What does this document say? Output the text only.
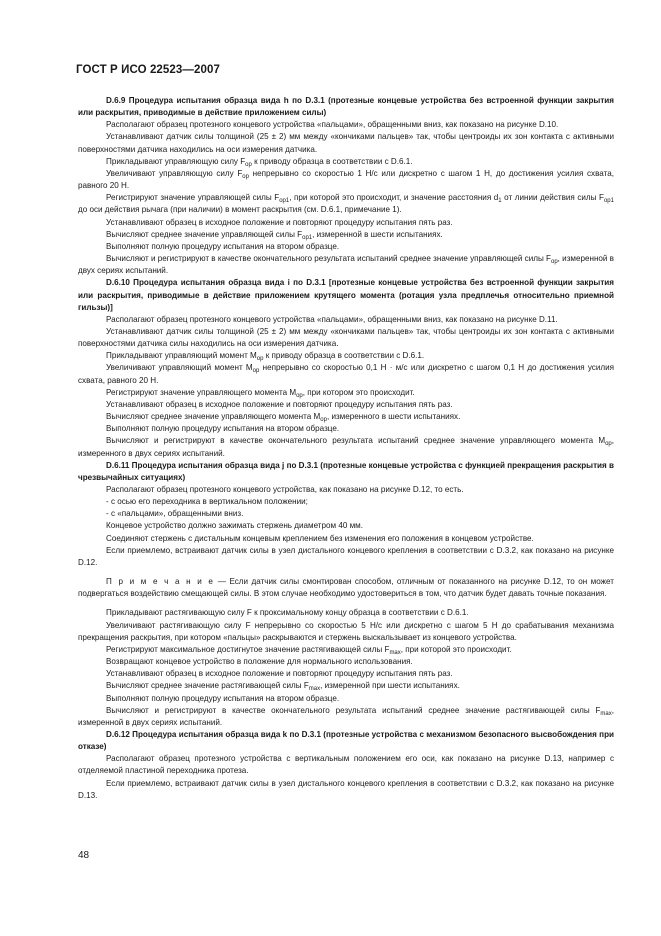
ГОСТ Р ИСО 22523—2007

D.6.9 Процедура испытания образца вида h по D.3.1 (протезные концевые устройства без встроенной функции закрытия или раскрытия, приводимые в действие приложением силы)

Располагают образец протезного концевого устройства «пальцами», обращенными вниз, как показано на рисунке D.10.

Устанавливают датчик силы толщиной (25 ± 2) мм между «кончиками пальцев» так, чтобы центроиды их зон контакта с активными поверхностями датчика находились на оси измерения датчика.

Прикладывают управляющую силу $F_{op}$ к приводу образца в соответствии с D.6.1.

Увеличивают управляющую силу $F_{op}$ непрерывно со скоростью 1 Н/с или дискретно с шагом 1 Н, до достижения усилия схвата, равного 20 Н.

Регистрируют значение управляющей силы $F_{op1}$, при которой это происходит, и значение расстояния $d_1$ от линии действия силы $F_{op1}$ до оси действия рычага (при наличии) в момент раскрытия (см. D.6.1, примечание 1).

Устанавливают образец в исходное положение и повторяют процедуру испытания пять раз.

Вычисляют среднее значение управляющей силы $F_{op1}$, измеренной в шести испытаниях.

Выполняют полную процедуру испытания на втором образце.

Вычисляют и регистрируют в качестве окончательного результата испытаний среднее значение управляющей силы $F_{op}$, измеренной в двух сериях испытаний.

D.6.10 Процедура испытания образца вида i по D.3.1 [протезные концевые устройства без встроенной функции закрытия или раскрытия, приводимые в действие приложением крутящего момента (ротация узла предплечья относительно приемной гильзы)]

Располагают образец протезного концевого устройства «пальцами», обращенными вниз, как показано на рисунке D.11.

Устанавливают датчик силы толщиной (25 ± 2) мм между «кончиками пальцев» так, чтобы центроиды их зон контакта с активными поверхностями датчика силы находились на оси измерения датчика.

Прикладывают управляющий момент $M_{op}$ к приводу образца в соответствии с D.6.1.

Увеличивают управляющий момент $M_{op}$ непрерывно со скоростью 0,1 Н · м/с или дискретно с шагом 0,1 Н до достижения усилия схвата, равного 20 Н.

Регистрируют значение управляющего момента $M_{op}$, при котором это происходит.

Устанавливают образец в исходное положение и повторяют процедуру испытания пять раз.

Вычисляют среднее значение управляющего момента $M_{op}$, измеренного в шести испытаниях.

Выполняют полную процедуру испытания на втором образце.

Вычисляют и регистрируют в качестве окончательного результата испытаний среднее значение управляющего момента $M_{op}$, измеренного в двух сериях испытаний.

D.6.11 Процедура испытания образца вида j по D.3.1 (протезные концевые устройства с функцией прекращения раскрытия в чрезвычайных ситуациях)

Располагают образец протезного концевого устройства, как показано на рисунке D.12, то есть.

- с осью его переходника в вертикальном положении;

- с «пальцами», обращенными вниз.

Концевое устройство должно зажимать стержень диаметром 40 мм.

Соединяют стержень с дистальным концевым креплением без изменения его положения в концевом устройстве.

Если приемлемо, встраивают датчик силы в узел дистального концевого крепления в соответствии с D.3.2, как показано на рисунке D.12.

П р и м е ч а н и е — Если датчик силы смонтирован способом, отличным от показанного на рисунке D.12, то он может подвергаться воздействию смещающей силы. В этом случае необходимо удостовериться в том, что датчик будет давать точные показания.

Прикладывают растягивающую силу F к проксимальному концу образца в соответствии с D.6.1.

Увеличивают растягивающую силу F непрерывно со скоростью 5 Н/с или дискретно с шагом 5 Н до срабатывания механизма прекращения раскрытия, при котором «пальцы» раскрываются и стержень выскальзывает из концевого устройства.

Регистрируют максимальное достигнутое значение растягивающей силы $F_{max}$, при которой это происходит.

Возвращают концевое устройство в положение для нормального использования.

Устанавливают образец в исходное положение и повторяют процедуру испытания пять раз.

Вычисляют среднее значение растягивающей силы $F_{max}$, измеренной при шести испытаниях.

Выполняют полную процедуру испытания на втором образце.

Вычисляют и регистрируют в качестве окончательного результата испытаний среднее значение растягивающей силы $F_{max}$, измеренной в двух сериях испытаний.

D.6.12 Процедура испытания образца вида k по D.3.1 (протезные устройства с механизмом безопасного высвобождения при отказе)

Располагают образец протезного устройства с вертикальным положением его оси, как показано на рисунке D.13, например с отделяемой пластиной переходника протеза.

Если приемлемо, встраивают датчик силы в узел дистального концевого крепления в соответствии с D.3.2, как показано на рисунке D.13.

48
